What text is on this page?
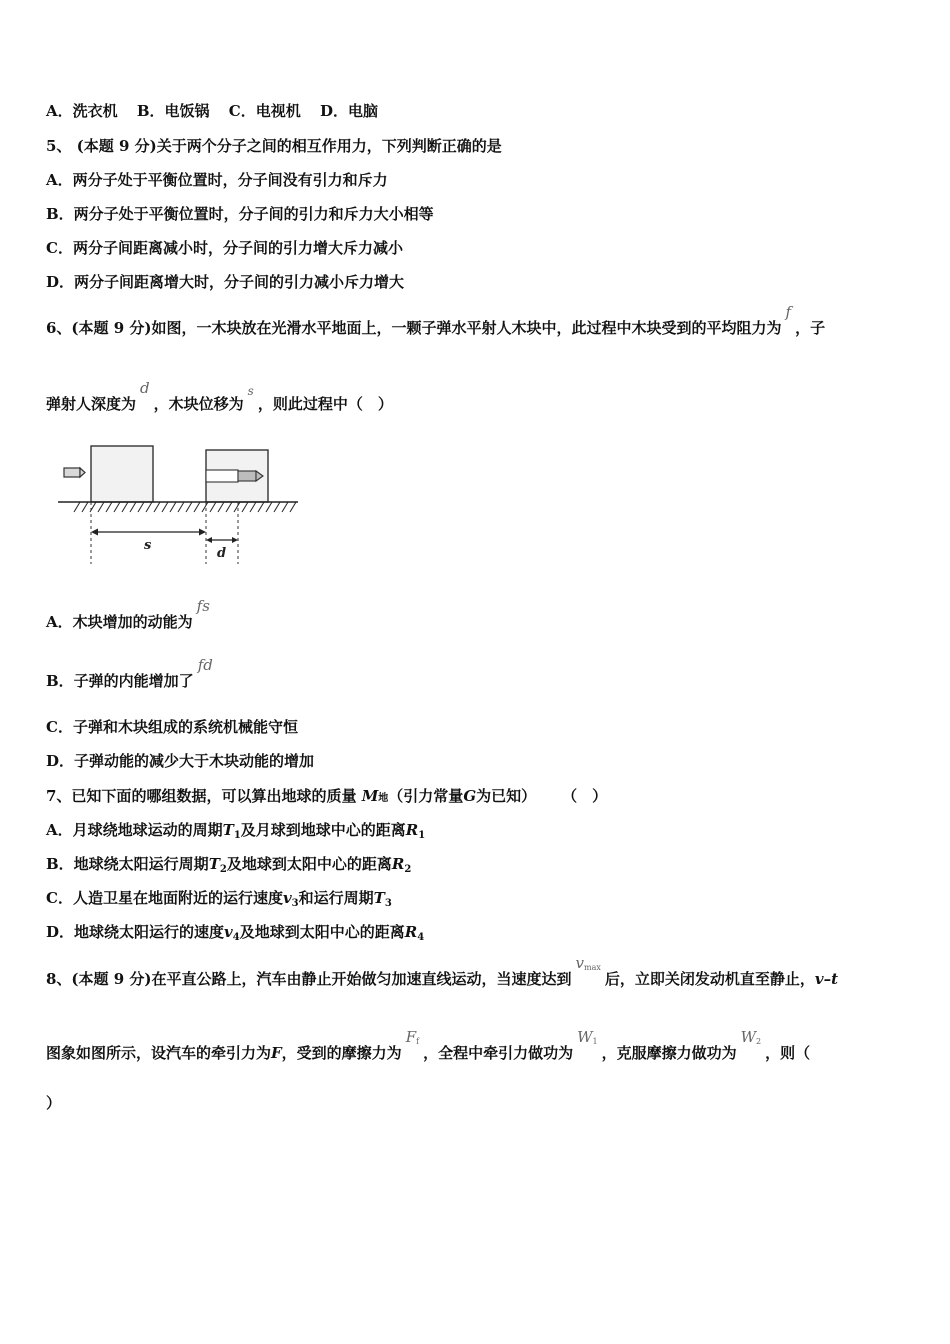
A．洗衣机 B．电饭锅 C．电视机 D．电脑
5、 (本题 9 分)关于两个分子之间的相互作用力，下列判断正确的是
A．两分子处于平衡位置时，分子间没有引力和斥力
B．两分子处于平衡位置时，分子间的引力和斥力大小相等
C．两分子间距离减小时，分子间的引力增大斥力减小
D．两分子间距离增大时，分子间的引力减小斥力增大
6、(本题 9 分)如图，一木块放在光滑水平地面上，一颗子弹水平射人木块中，此过程中木块受到的平均阻力为f，子
弹射人深度为d，木块位移为s，则此过程中（　）
s
d
A．木块增加的动能为fs
B．子弹的内能增加了fd
C．子弹和木块组成的系统机械能守恒
D．子弹动能的减少大于木块动能的增加
7、已知下面的哪组数据，可以算出地球的质量 M地（引力常量G为已知） （　）
A．月球绕地球运动的周期$T_1$及月球到地球中心的距离$R_1$
B．地球绕太阳运行周期$T_2$及地球到太阳中心的距离$R_2$
C．人造卫星在地面附近的运行速度$v_3$和运行周期$T_3$
D．地球绕太阳运行的速度$v_4$及地球到太阳中心的距离$R_4$
8、(本题 9 分)在平直公路上，汽车由静止开始做匀加速直线运动，当速度达到$v_{max}$后，立即关闭发动机直至静止，v–t
图象如图所示，设汽车的牵引力为F，受到的摩擦力为$F_f$，全程中牵引力做功为$W_1$，克服摩擦力做功为$W_2$，则（
）
